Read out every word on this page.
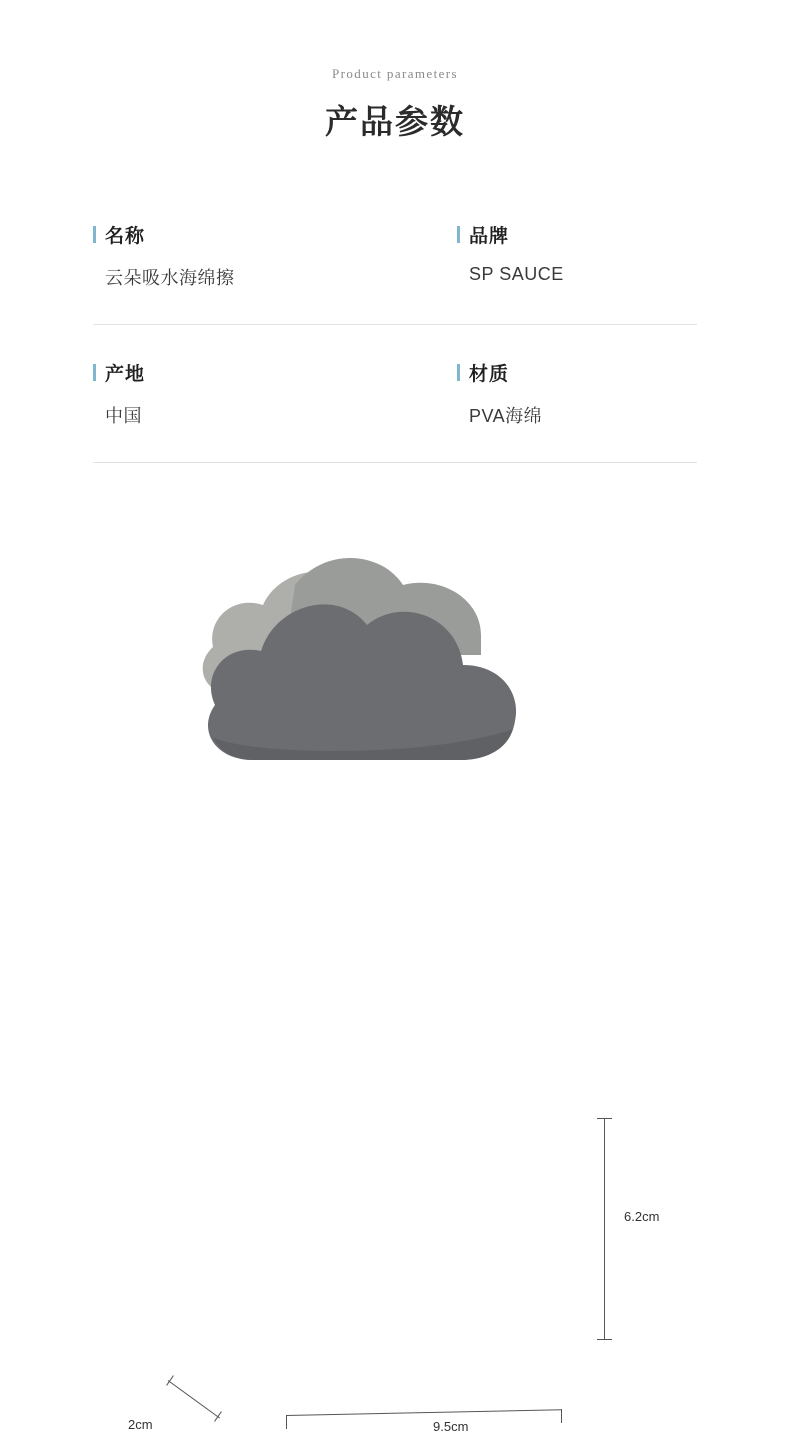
Product parameters
产品参数
名称
云朵吸水海绵擦
品牌
SP SAUCE
产地
中国
材质
PVA海绵
6.2cm
9.5cm
2cm
